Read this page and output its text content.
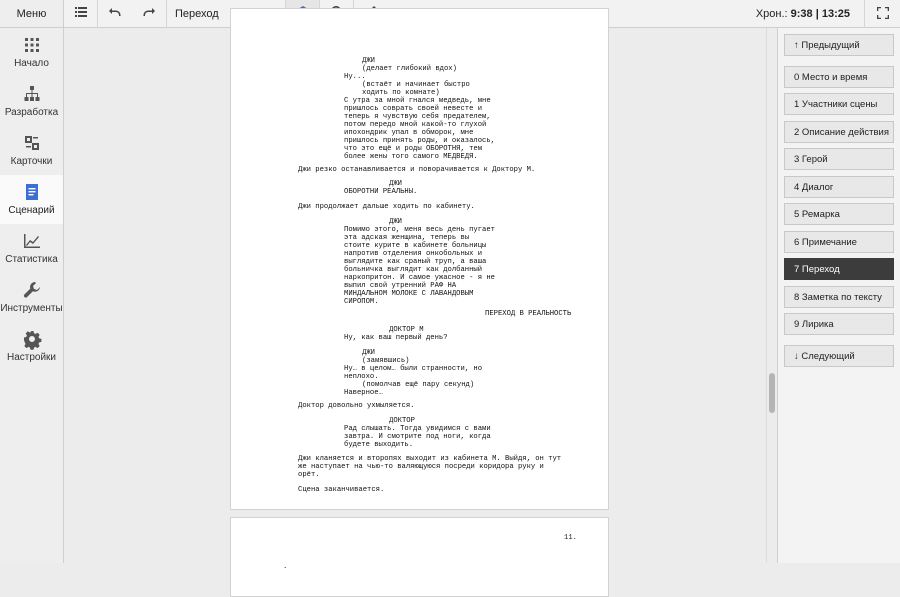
Меню
Начало
Разработка
Карточки
Сценарий
Статистика
Инструменты
Настройки
Переход	Хрон.: 9:38 | 13:25
ДЖИ
(делает глибокий вдох)
Ну...
(встаёт и начинает быстро
ходить по комнате)
С утра за мной гнался медведь, мне
пришлось соврать своей невесте и
теперь я чувствую себя предателем,
потом передо мной какой-то глухой
ипохондрик упал в обморок, мне
пришлось принять роды, и оказалось,
что это ещё и роды ОБОРОТНЯ, тем
более жены того самого МЕДВЕДЯ.
Джи резко останавливается и поворачивается к Доктору М.
ДЖИ
ОБОРОТНИ РЕАЛЬНЫ.
Джи продолжает дальше ходить по кабинету.
ДЖИ
Помимо этого, меня весь день пугает
эта адская женщина, теперь вы
стоите курите в кабинете больницы
напротив отделения онкобольных и
выглядите как сраный труп, а ваша
больничка выглядит как долбанный
наркопритон. И самое ужасное - я не
выпил свой утренний РАФ НА
МИНДАЛЬНОМ МОЛОКЕ С ЛАВАНДОВЫМ
СИРОПОМ.
ПЕРЕХОД В РЕАЛЬНОСТЬ
ДОКТОР М
Ну, как ваш первый день?
ДЖИ
(замявшись)
Ну… в целом… были странности, но
неплохо.
(помолчав ещё пару секунд)
Наверное…
Доктор довольно ухмыляется.
ДОКТОР
Рад слышать. Тогда увидимся с вами
завтра. И смотрите под ноги, когда
будете выходить.
Джи кланяется и второпях выходит из кабинета М. Выйдя, он тут
же наступает на чью-то валяющуюся посреди коридора руку и
орёт.
Сцена заканчивается.
11.
.
↑ Предыдущий
0 Место и время
1 Участники сцены
2 Описание действия
3 Герой
4 Диалог
5 Ремарка
6 Примечание
7 Переход
8 Заметка по тексту
9 Лирика
↓ Следующий
